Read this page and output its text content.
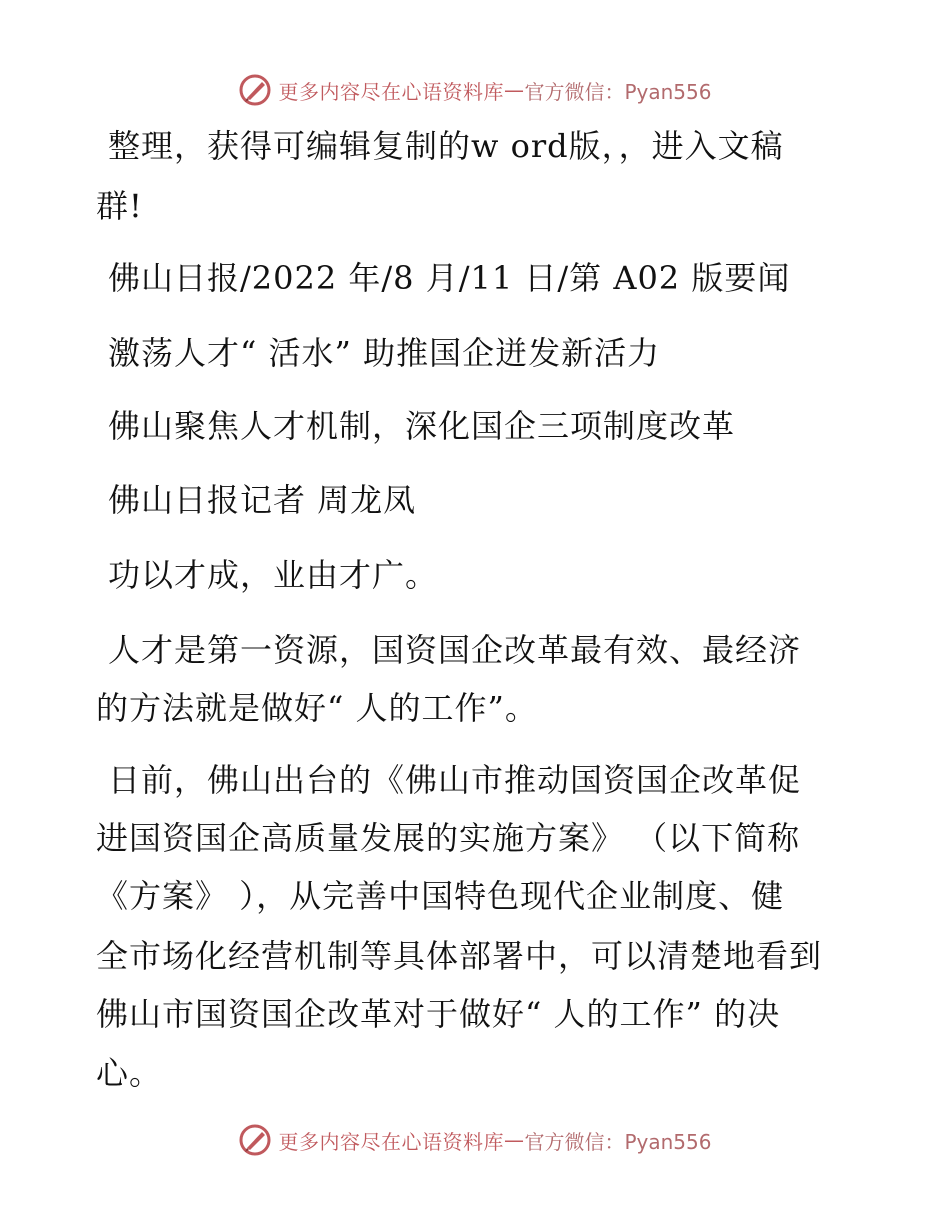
更多内容尽在心语资料库 — 官方微信：Pyan556
整理，获得可编辑复制的w ord版，，进入文稿
群!
佛山日报/2022 年/8 月/11 日/第 A02 版要闻
激荡人才“ 活水” 助推国企迸发新活力
佛山聚焦人才机制，深化国企三项制度改革
佛山日报记者 周龙凤
功以才成，业由才广。
人才是第一资源，国资国企改革最有效、最经济
的方法就是做好“ 人的工作”。
日前，佛山出台的《佛山市推动国资国企改革促
进国资国企高质量发展的实施方案》 （以下简称
《方案》 ），从完善中国特色现代企业制度、健
全市场化经营机制等具体部署中，可以清楚地看到
佛山市国资国企改革对于做好“ 人的工作” 的决
心。
更多内容尽在心语资料库 — 官方微信：Pyan556
